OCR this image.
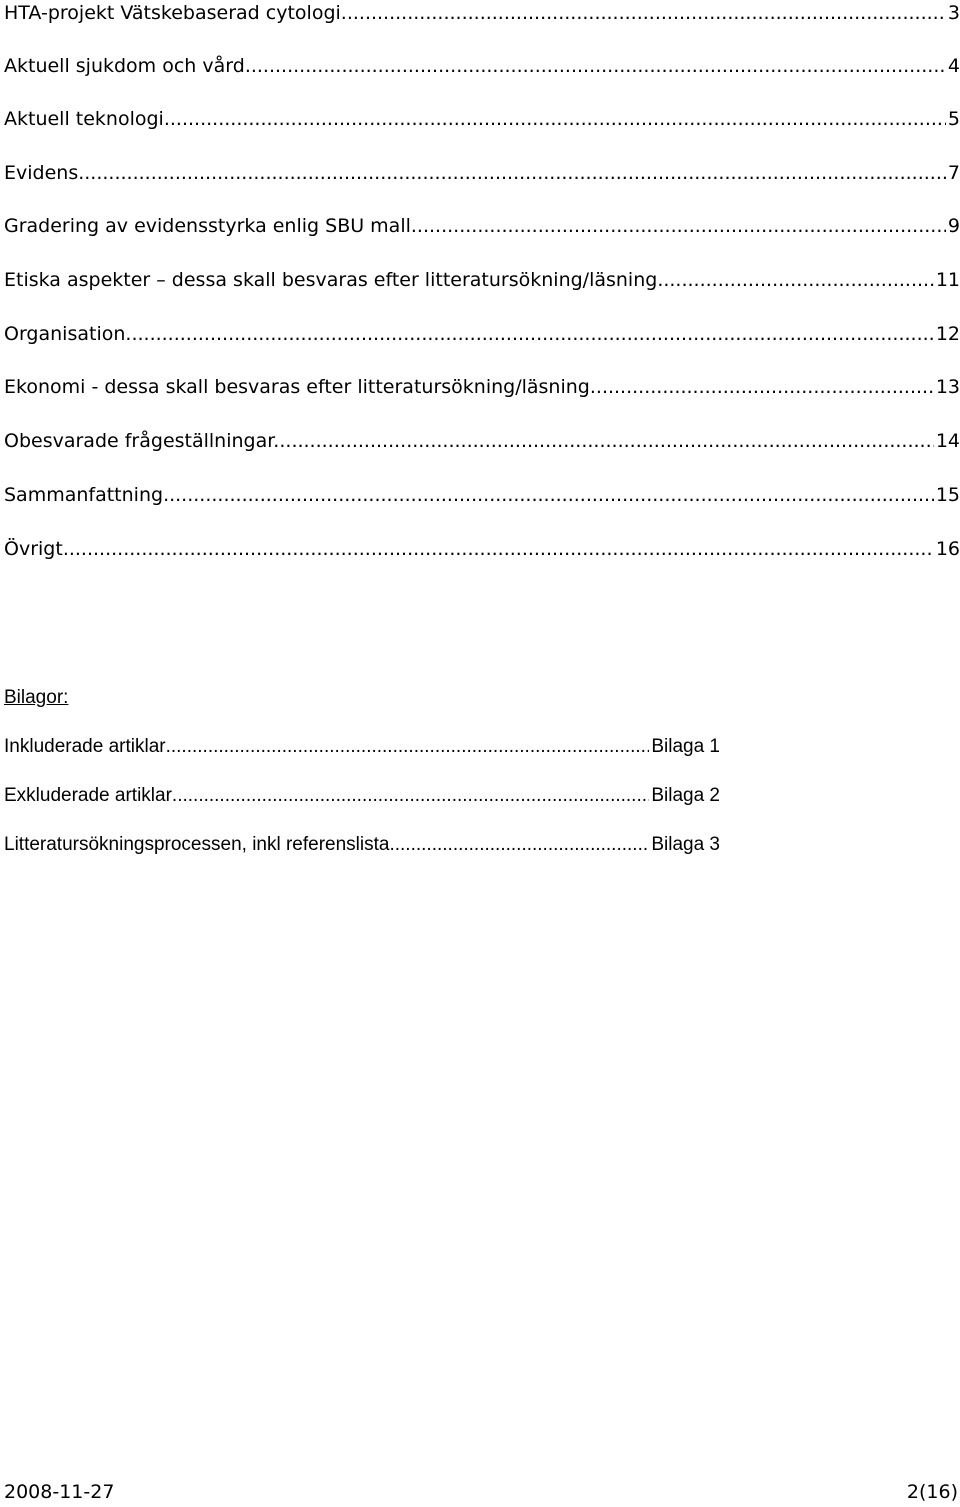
HTA-projekt Vätskebaserad cytologi .....	3
Aktuell sjukdom och vård .....	4
Aktuell teknologi .....	5
Evidens .....	7
Gradering av evidensstyrka enlig SBU mall .....	9
Etiska aspekter – dessa skall besvaras efter litteratursökning/läsning .....	11
Organisation .....	12
Ekonomi - dessa skall besvaras efter litteratursökning/läsning .....	13
Obesvarade frågeställningar. .....	14
Sammanfattning .....	15
Övrigt .....	16
Bilagor:
Inkluderade artiklar .....	Bilaga 1
Exkluderade artiklar .....	Bilaga 2
Litteratursökningsprocessen, inkl referenslista .....	Bilaga 3
2008-11-27	2(16)
